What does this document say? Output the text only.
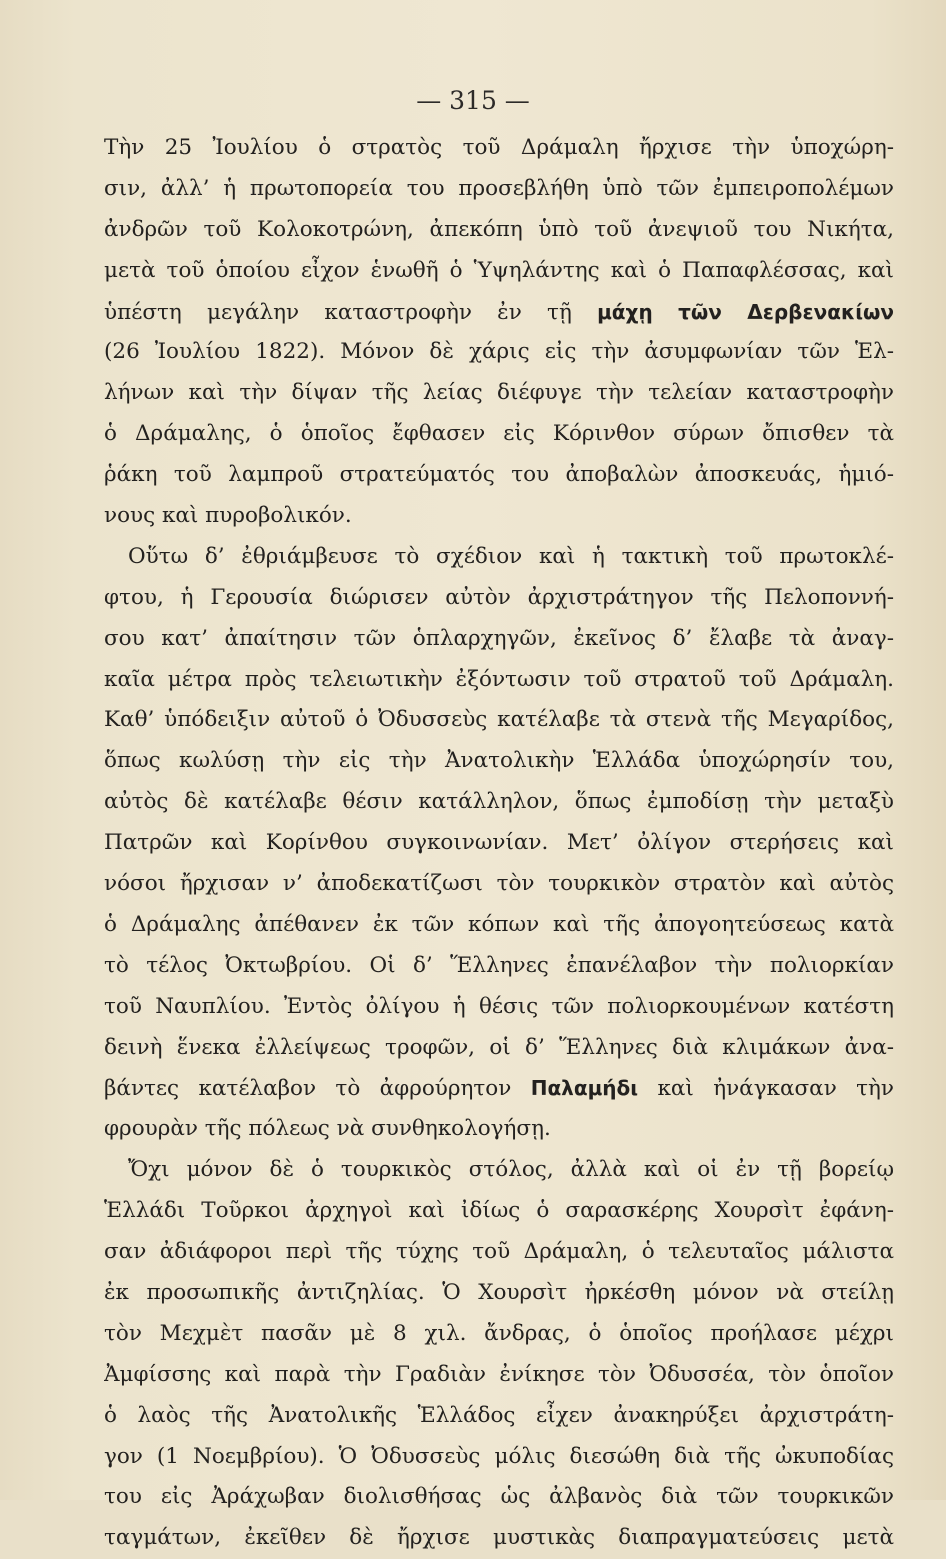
— 315 —
Τὴν 25 Ἰουλίου ὁ στρατὸς τοῦ Δράμαλη ἤρχισε τὴν ὑποχώρη-
σιν, ἀλλ’ ἡ πρωτοπορεία του προσεβλήθη ὑπὸ τῶν ἐμπειροπολέμων
ἀνδρῶν τοῦ Κολοκοτρώνη, ἀπεκόπη ὑπὸ τοῦ ἀνεψιοῦ του Νικήτα,
μετὰ τοῦ ὁποίου εἶχον ἑνωθῆ ὁ Ὑψηλάντης καὶ ὁ Παπαφλέσσας, καὶ
ὑπέστη μεγάλην καταστροφὴν ἐν τῇ μάχῃ τῶν Δερβενακίων
(26 Ἰουλίου 1822). Μόνον δὲ χάρις εἰς τὴν ἀσυμφωνίαν τῶν Ἑλ-
λήνων καὶ τὴν δίψαν τῆς λείας διέφυγε τὴν τελείαν καταστροφὴν
ὁ Δράμαλης, ὁ ὁποῖος ἔφθασεν εἰς Κόρινθον σύρων ὄπισθεν τὰ
ῥάκη τοῦ λαμπροῦ στρατεύματός του ἀποβαλὼν ἀποσκευάς, ἡμιό-
νους καὶ πυροβολικόν.
Οὕτω δ’ ἐθριάμβευσε τὸ σχέδιον καὶ ἡ τακτικὴ τοῦ πρωτοκλέ-
φτου, ἡ Γερουσία διώρισεν αὐτὸν ἀρχιστράτηγον τῆς Πελοποννή-
σου κατ’ ἀπαίτησιν τῶν ὁπλαρχηγῶν, ἐκεῖνος δ’ ἔλαβε τὰ ἀναγ-
καῖα μέτρα πρὸς τελειωτικὴν ἐξόντωσιν τοῦ στρατοῦ τοῦ Δράμαλη.
Καθ’ ὑπόδειξιν αὐτοῦ ὁ Ὀδυσσεὺς κατέλαβε τὰ στενὰ τῆς Μεγαρίδος,
ὅπως κωλύσῃ τὴν εἰς τὴν Ἀνατολικὴν Ἑλλάδα ὑποχώρησίν του,
αὐτὸς δὲ κατέλαβε θέσιν κατάλληλον, ὅπως ἐμποδίσῃ τὴν μεταξὺ
Πατρῶν καὶ Κορίνθου συγκοινωνίαν. Μετ’ ὀλίγον στερήσεις καὶ
νόσοι ἤρχισαν ν’ ἀποδεκατίζωσι τὸν τουρκικὸν στρατὸν καὶ αὐτὸς
ὁ Δράμαλης ἀπέθανεν ἐκ τῶν κόπων καὶ τῆς ἀπογοητεύσεως κατὰ
τὸ τέλος Ὀκτωβρίου. Οἱ δ’ Ἕλληνες ἐπανέλαβον τὴν πολιορκίαν
τοῦ Ναυπλίου. Ἐντὸς ὀλίγου ἡ θέσις τῶν πολιορκουμένων κατέστη
δεινὴ ἕνεκα ἐλλείψεως τροφῶν, οἱ δ’ Ἕλληνες διὰ κλιμάκων ἀνα-
βάντες κατέλαβον τὸ ἀφρούρητον Παλαμήδι καὶ ἠνάγκασαν τὴν
φρουρὰν τῆς πόλεως νὰ συνθηκολογήσῃ.
Ὄχι μόνον δὲ ὁ τουρκικὸς στόλος, ἀλλὰ καὶ οἱ ἐν τῇ βορείῳ
Ἑλλάδι Τοῦρκοι ἀρχηγοὶ καὶ ἰδίως ὁ σαρασκέρης Χουρσὶτ ἐφάνη-
σαν ἀδιάφοροι περὶ τῆς τύχης τοῦ Δράμαλη, ὁ τελευταῖος μάλιστα
ἐκ προσωπικῆς ἀντιζηλίας. Ὁ Χουρσὶτ ἠρκέσθη μόνον νὰ στείλῃ
τὸν Μεχμὲτ πασᾶν μὲ 8 χιλ. ἄνδρας, ὁ ὁποῖος προήλασε μέχρι
Ἀμφίσσης καὶ παρὰ τὴν Γραδιὰν ἐνίκησε τὸν Ὀδυσσέα, τὸν ὁποῖον
ὁ λαὸς τῆς Ἀνατολικῆς Ἑλλάδος εἶχεν ἀνακηρύξει ἀρχιστράτη-
γον (1 Νοεμβρίου). Ὁ Ὀδυσσεὺς μόλις διεσώθη διὰ τῆς ὠκυποδίας
του εἰς Ἀράχωβαν διολισθήσας ὡς ἀλβανὸς διὰ τῶν τουρκικῶν
ταγμάτων, ἐκεῖθεν δὲ ἤρχισε μυστικὰς διαπραγματεύσεις μετὰ
